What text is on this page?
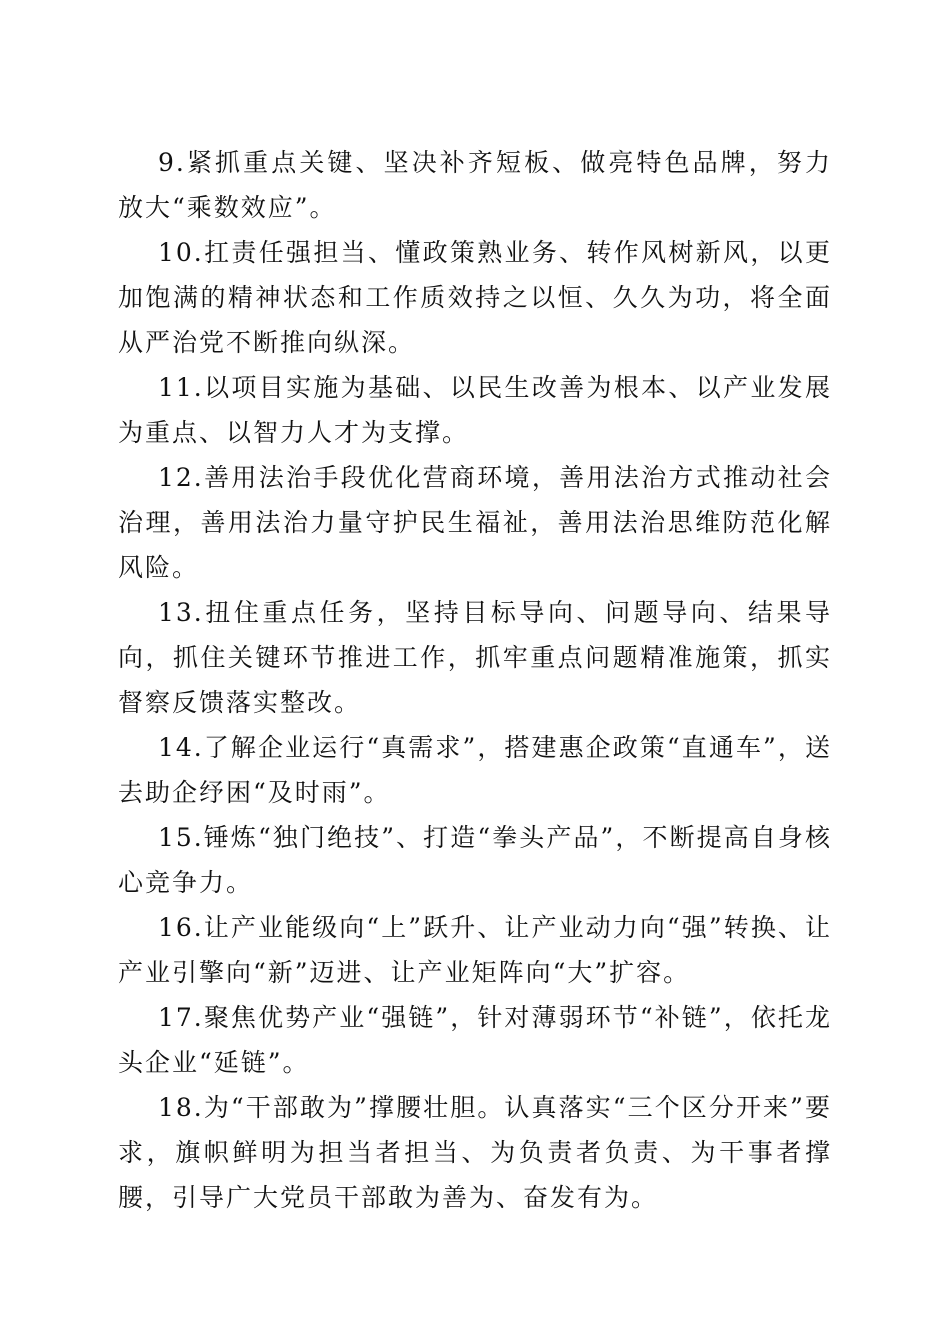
9.紧抓重点关键、坚决补齐短板、做亮特色品牌，努力放大“乘数效应”。

10.扛责任强担当、懂政策熟业务、转作风树新风，以更加饱满的精神状态和工作质效持之以恒、久久为功，将全面从严治党不断推向纵深。

11.以项目实施为基础、以民生改善为根本、以产业发展为重点、以智力人才为支撑。

12.善用法治手段优化营商环境，善用法治方式推动社会治理，善用法治力量守护民生福祉，善用法治思维防范化解风险。

13.扭住重点任务，坚持目标导向、问题导向、结果导向，抓住关键环节推进工作，抓牢重点问题精准施策，抓实督察反馈落实整改。

14.了解企业运行“真需求”，搭建惠企政策“直通车”，送去助企纾困“及时雨”。

15.锤炼“独门绝技”、打造“拳头产品”，不断提高自身核心竞争力。

16.让产业能级向“上”跃升、让产业动力向“强”转换、让产业引擎向“新”迈进、让产业矩阵向“大”扩容。

17.聚焦优势产业“强链”，针对薄弱环节“补链”，依托龙头企业“延链”。

18.为“干部敢为”撑腰壮胆。认真落实“三个区分开来”要求，旗帜鲜明为担当者担当、为负责者负责、为干事者撑腰，引导广大党员干部敢为善为、奋发有为。
